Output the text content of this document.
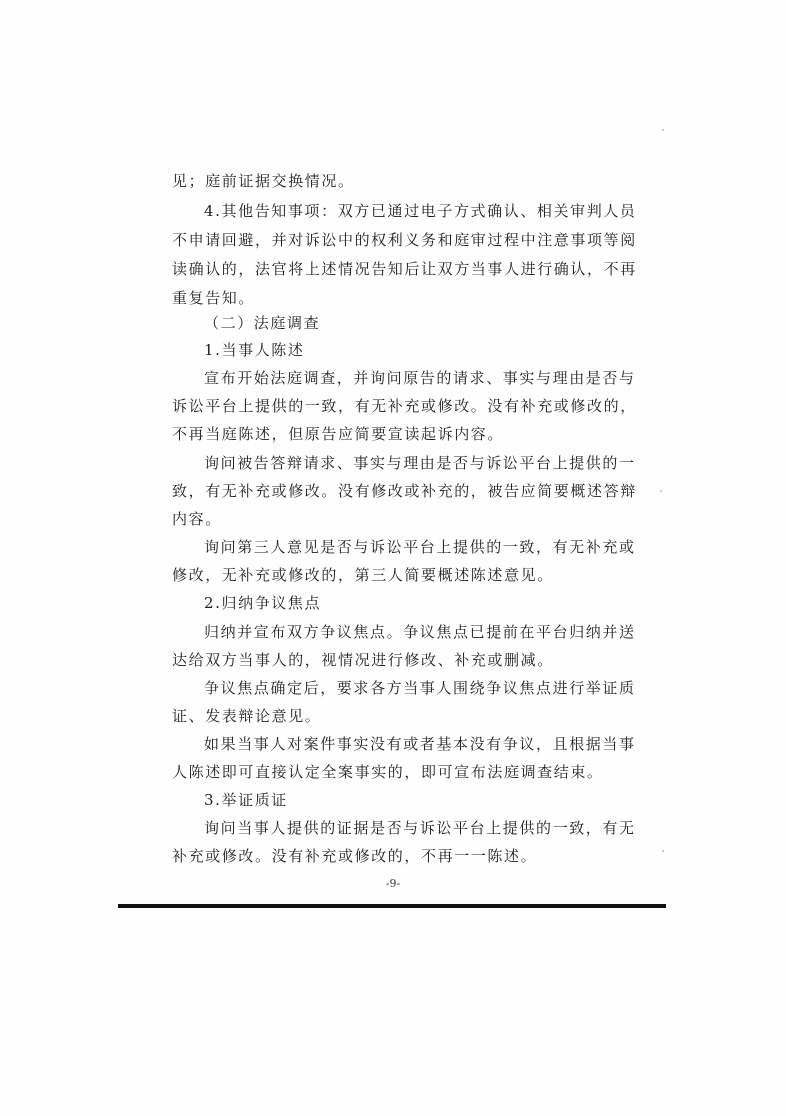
见；庭前证据交换情况。
4.其他告知事项：双方已通过电子方式确认、相关审判人员
不申请回避，并对诉讼中的权利义务和庭审过程中注意事项等阅
读确认的，法官将上述情况告知后让双方当事人进行确认，不再
重复告知。
（二）法庭调查
1.当事人陈述
宣布开始法庭调查，并询问原告的请求、事实与理由是否与
诉讼平台上提供的一致，有无补充或修改。没有补充或修改的，
不再当庭陈述，但原告应简要宣读起诉内容。
询问被告答辩请求、事实与理由是否与诉讼平台上提供的一
致，有无补充或修改。没有修改或补充的，被告应简要概述答辩
内容。
询问第三人意见是否与诉讼平台上提供的一致，有无补充或
修改，无补充或修改的，第三人简要概述陈述意见。
2.归纳争议焦点
归纳并宣布双方争议焦点。争议焦点已提前在平台归纳并送
达给双方当事人的，视情况进行修改、补充或删减。
争议焦点确定后，要求各方当事人围绕争议焦点进行举证质
证、发表辩论意见。
如果当事人对案件事实没有或者基本没有争议，且根据当事
人陈述即可直接认定全案事实的，即可宣布法庭调查结束。
3.举证质证
询问当事人提供的证据是否与诉讼平台上提供的一致，有无
补充或修改。没有补充或修改的，不再一一陈述。
-9-
